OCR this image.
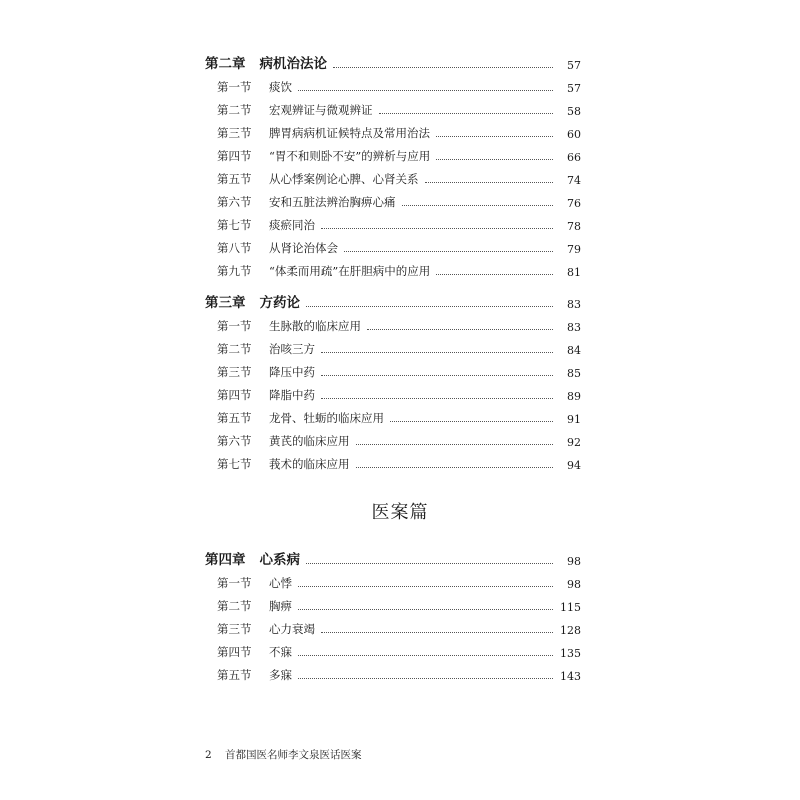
第二章 病机治法论	57
第一节	痰饮	57
第二节	宏观辨证与微观辨证	58
第三节	脾胃病病机证候特点及常用治法	60
第四节	“胃不和则卧不安”的辨析与应用	66
第五节	从心悸案例论心脾、心肾关系	74
第六节	安和五脏法辨治胸痹心痛	76
第七节	痰瘀同治	78
第八节	从肾论治体会	79
第九节	“体柔而用疏”在肝胆病中的应用	81
第三章 方药论	83
第一节	生脉散的临床应用	83
第二节	治咳三方	84
第三节	降压中药	85
第四节	降脂中药	89
第五节	龙骨、牡蛎的临床应用	91
第六节	黄芪的临床应用	92
第七节	莪术的临床应用	94
医案篇
第四章 心系病	98
第一节	心悸	98
第二节	胸痹	115
第三节	心力衰竭	128
第四节	不寐	135
第五节	多寐	143
2 首都国医名师李文泉医话医案
